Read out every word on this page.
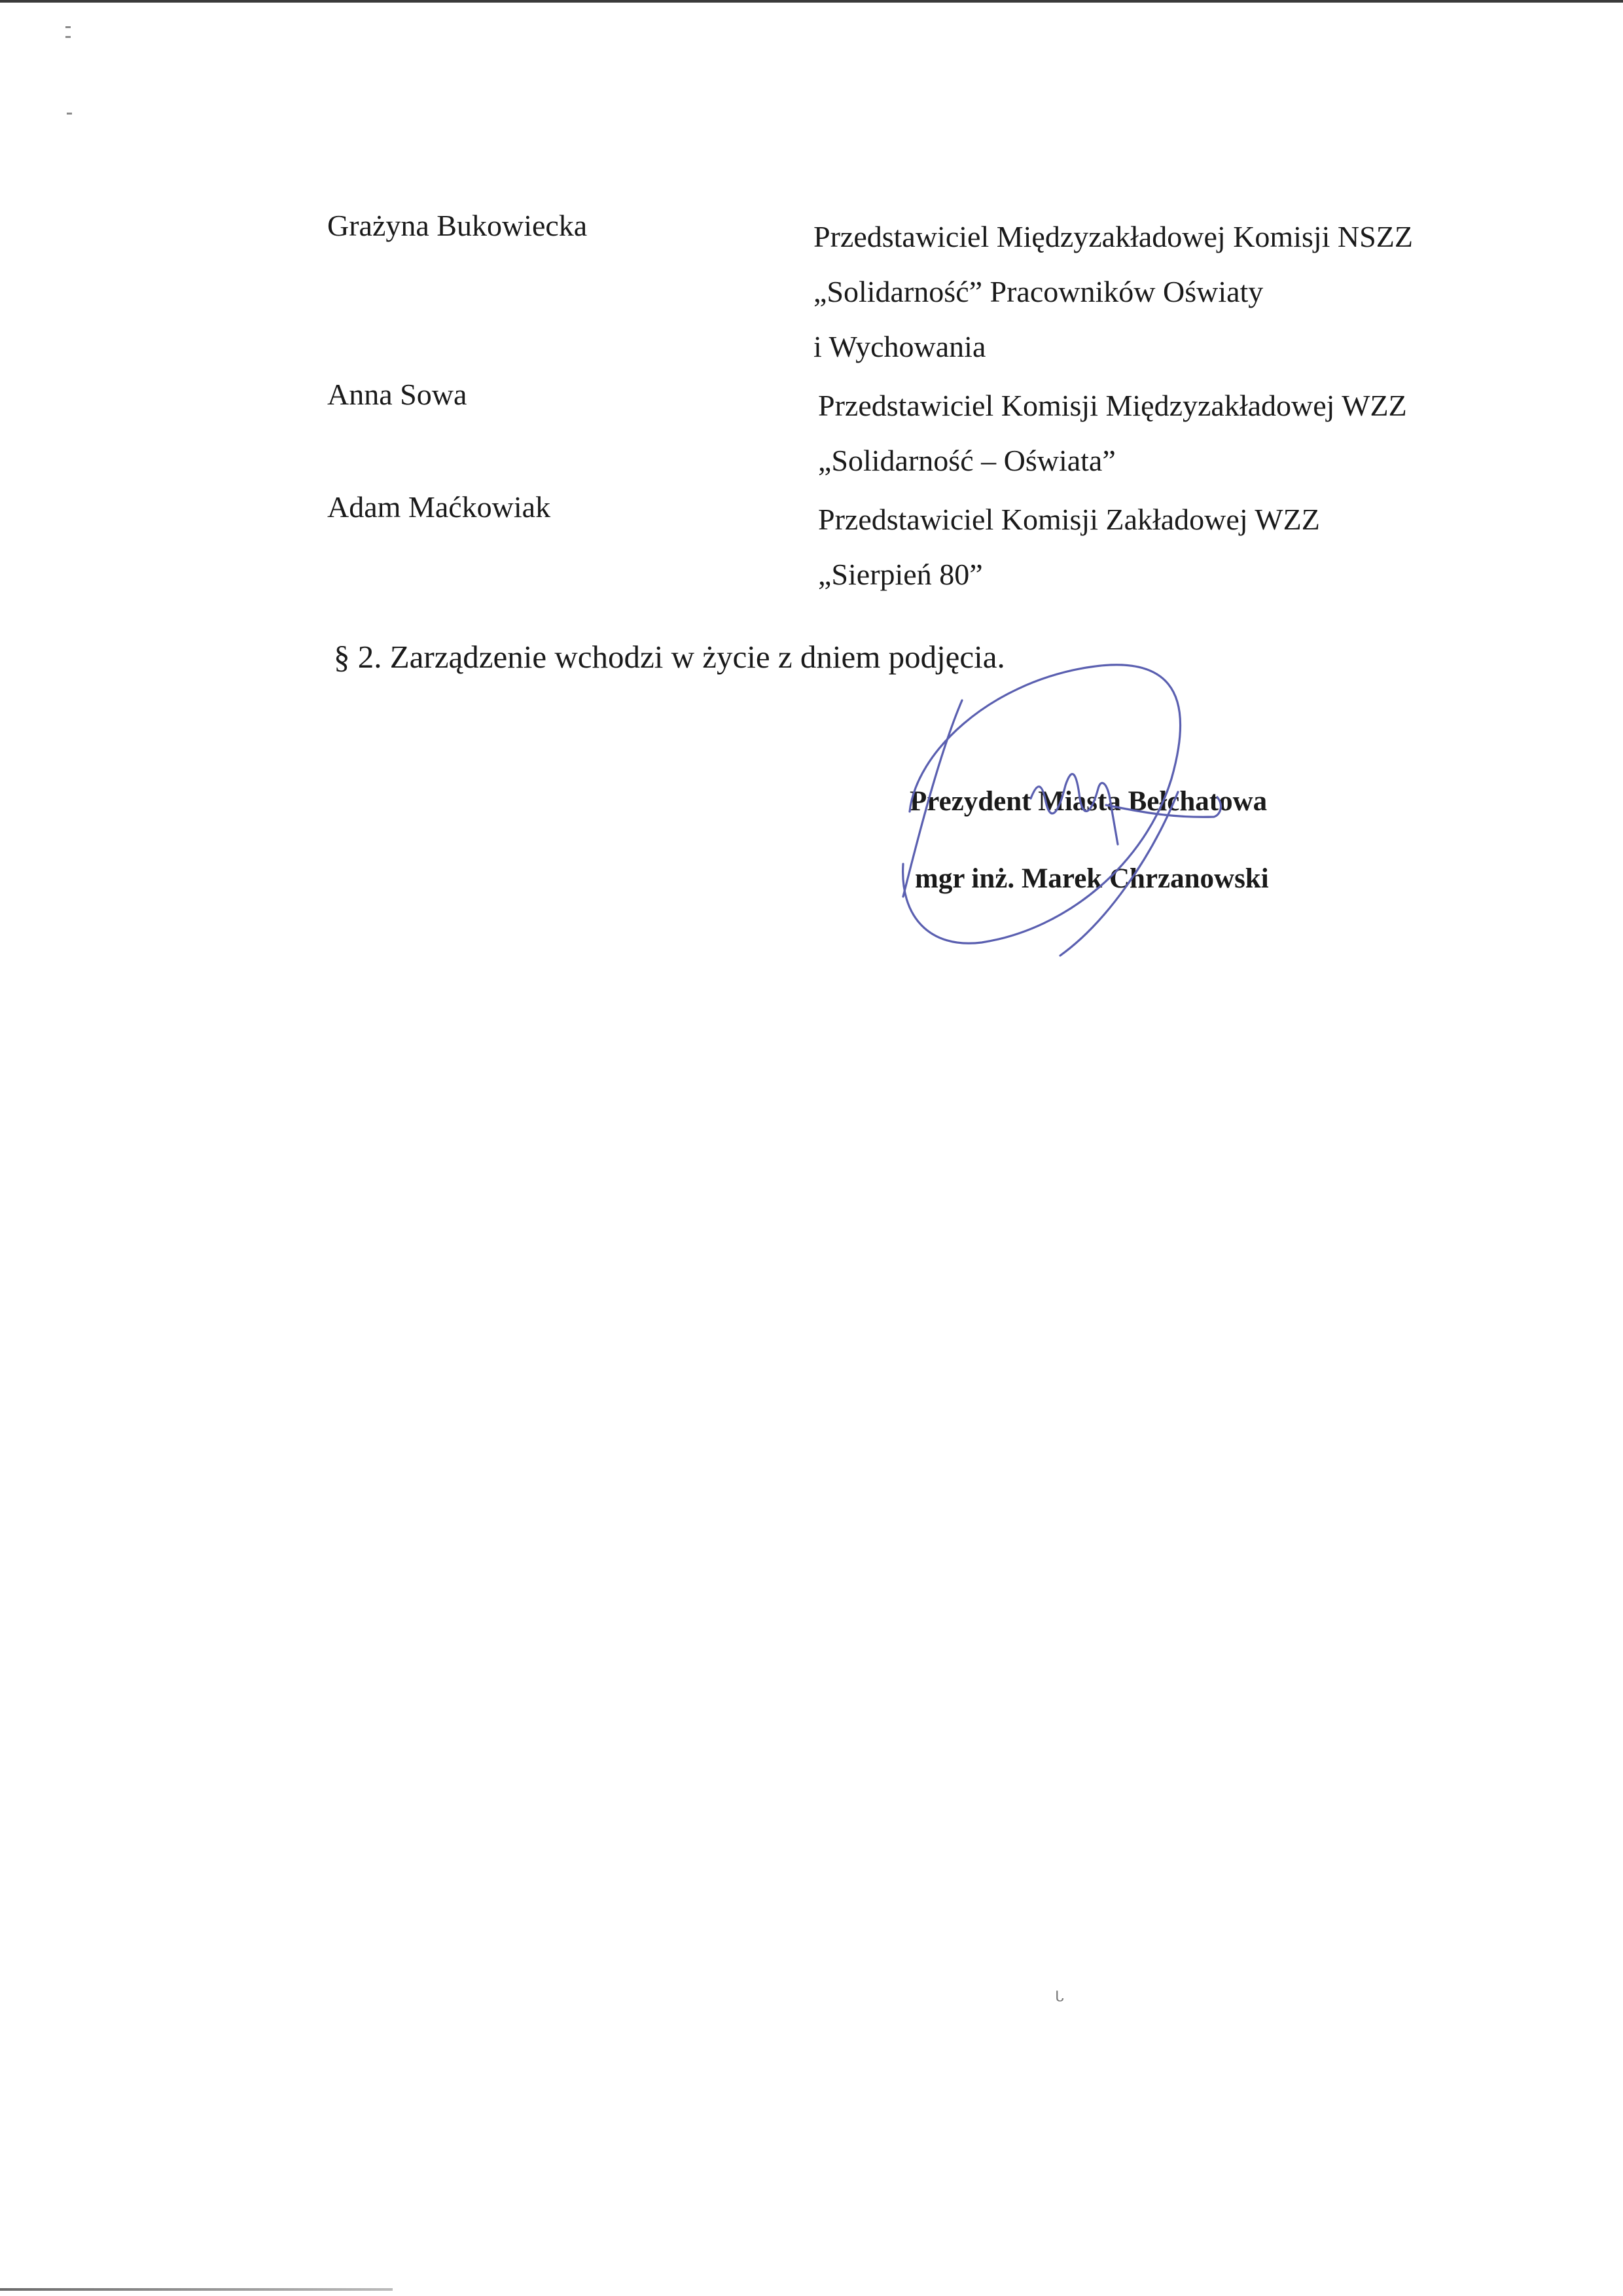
Grażyna Bukowiecka	Przedstawiciel Międzyzakładowej Komisji NSZZ
„Solidarność” Pracowników Oświaty
i Wychowania
Anna Sowa	Przedstawiciel Komisji Międzyzakładowej WZZ
„Solidarność – Oświata”
Adam Maćkowiak	Przedstawiciel Komisji Zakładowej WZZ
„Sierpień 80”
§ 2. Zarządzenie wchodzi w życie z dniem podjęcia.
Prezydent Miasta Bełchatowa
mgr inż. Marek Chrzanowski
ᒐ
